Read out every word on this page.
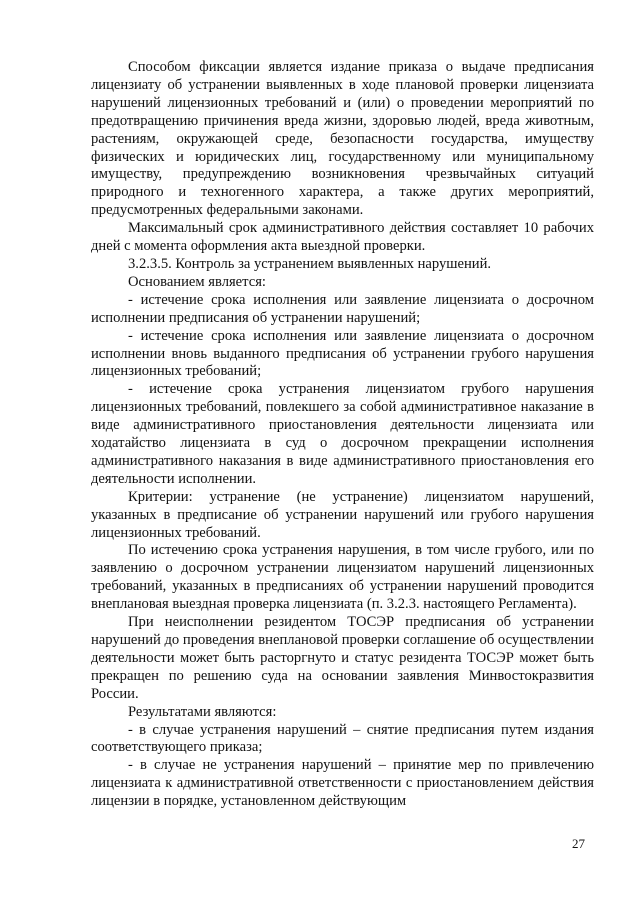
Способом фиксации является издание приказа о выдаче предписания лицензиату об устранении выявленных в ходе плановой проверки лицензиата нарушений лицензионных требований и (или) о проведении мероприятий по предотвращению причинения вреда жизни, здоровью людей, вреда животным, растениям, окружающей среде, безопасности государства, имуществу физических и юридических лиц, государственному или муниципальному имуществу, предупреждению возникновения чрезвычайных ситуаций природного и техногенного характера, а также других мероприятий, предусмотренных федеральными законами.

Максимальный срок административного действия составляет 10 рабочих дней с момента оформления акта выездной проверки.

3.2.3.5. Контроль за устранением выявленных нарушений.

Основанием является:

- истечение срока исполнения или заявление лицензиата о досрочном исполнении предписания об устранении нарушений;

- истечение срока исполнения или заявление лицензиата о досрочном исполнении вновь выданного предписания об устранении грубого нарушения лицензионных требований;

- истечение срока устранения лицензиатом грубого нарушения лицензионных требований, повлекшего за собой административное наказание в виде административного приостановления деятельности лицензиата или ходатайство лицензиата в суд о досрочном прекращении исполнения административного наказания в виде административного приостановления его деятельности исполнении.

Критерии: устранение (не устранение) лицензиатом нарушений, указанных в предписание об устранении нарушений или грубого нарушения лицензионных требований.

По истечению срока устранения нарушения, в том числе грубого, или по заявлению о досрочном устранении лицензиатом нарушений лицензионных требований, указанных в предписаниях об устранении нарушений проводится внеплановая выездная проверка лицензиата (п. 3.2.3. настоящего Регламента).

При неисполнении резидентом ТОСЭР предписания об устранении нарушений до проведения внеплановой проверки соглашение об осуществлении деятельности может быть расторгнуто и статус резидента ТОСЭР может быть прекращен по решению суда на основании заявления Минвостокразвития России.

Результатами являются:

- в случае устранения нарушений – снятие предписания путем издания соответствующего приказа;

- в случае не устранения нарушений – принятие мер по привлечению лицензиата к административной ответственности с приостановлением действия лицензии в порядке, установленном действующим

27
